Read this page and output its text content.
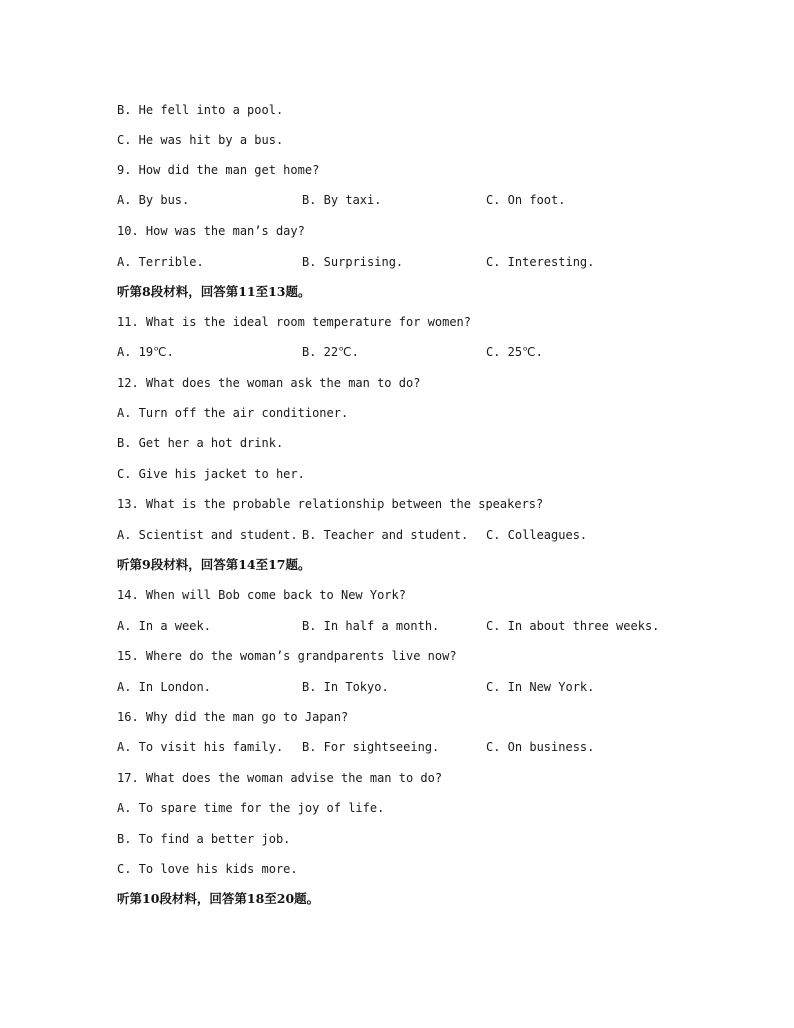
B. He fell into a pool.
C. He was hit by a bus.
9. How did the man get home?
A. By bus.	B. By taxi.	C. On foot.
10. How was the man’s day?
A. Terrible.	B. Surprising.	C. Interesting.
听第8段材料，回答第11至13题。
11. What is the ideal room temperature for women?
A. 19℃.	B. 22℃.	C. 25℃.
12. What does the woman ask the man to do?
A. Turn off the air conditioner.
B. Get her a hot drink.
C. Give his jacket to her.
13. What is the probable relationship between the speakers?
A. Scientist and student. B. Teacher and student. C. Colleagues.
听第9段材料，回答第14至17题。
14. When will Bob come back to New York?
A. In a week.	B. In half a month.	C. In about three weeks.
15. Where do the woman’s grandparents live now?
A. In London.	B. In Tokyo.	C. In New York.
16. Why did the man go to Japan?
A. To visit his family. B. For sightseeing.	C. On business.
17. What does the woman advise the man to do?
A. To spare time for the joy of life.
B. To find a better job.
C. To love his kids more.
听第10段材料，回答第18至20题。
